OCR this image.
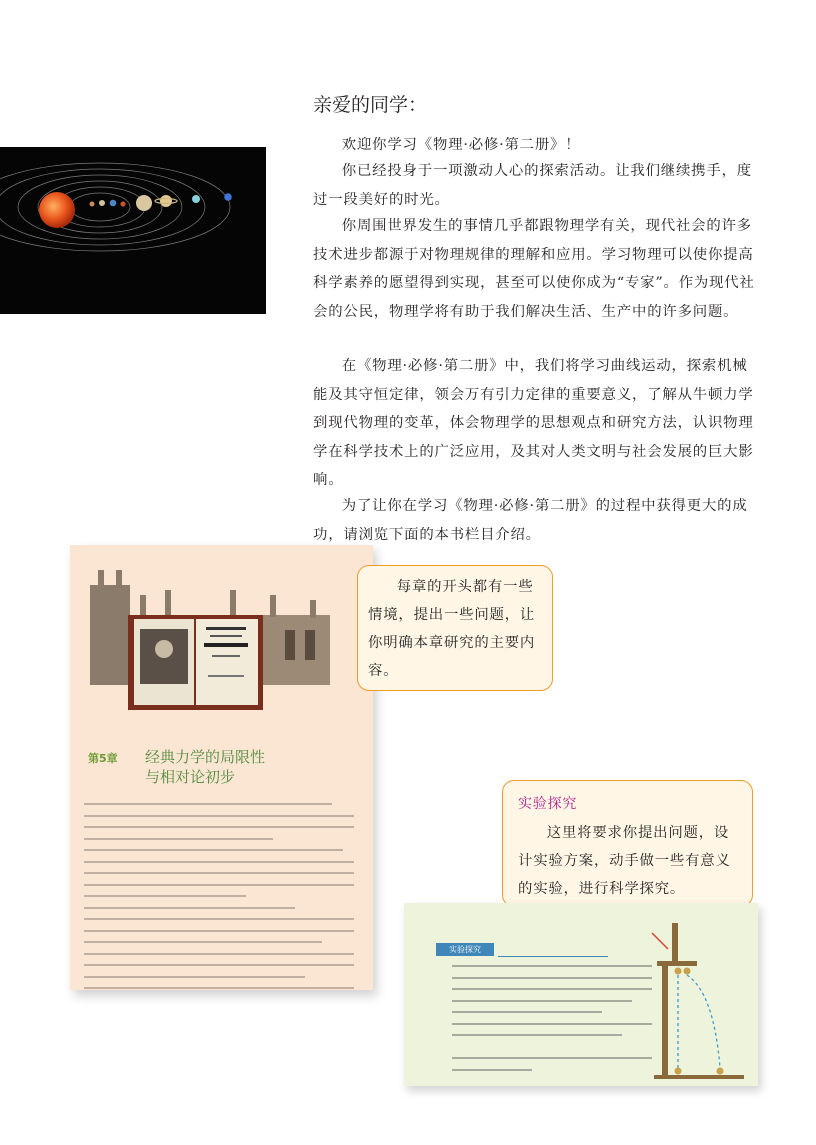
亲爱的同学：

欢迎你学习《物理·必修·第二册》！

你已经投身于一项激动人心的探索活动。让我们继续携手，度过一段美好的时光。

你周围世界发生的事情几乎都跟物理学有关，现代社会的许多技术进步都源于对物理规律的理解和应用。学习物理可以使你提高科学素养的愿望得到实现，甚至可以使你成为“专家”。作为现代社会的公民，物理学将有助于我们解决生活、生产中的许多问题。

在《物理·必修·第二册》中，我们将学习曲线运动，探索机械能及其守恒定律，领会万有引力定律的重要意义，了解从牛顿力学到现代物理的变革，体会物理学的思想观点和研究方法，认识物理学在科学技术上的广泛应用，及其对人类文明与社会发展的巨大影响。

为了让你在学习《物理·必修·第二册》的过程中获得更大的成功，请浏览下面的本书栏目介绍。

第5章 经典力学的局限性
与相对论初步

每章的开头都有一些情境，提出一些问题，让你明确本章研究的主要内容。

实验探究

这里将要求你提出问题，设计实验方案，动手做一些有意义的实验，进行科学探究。

实验探究
